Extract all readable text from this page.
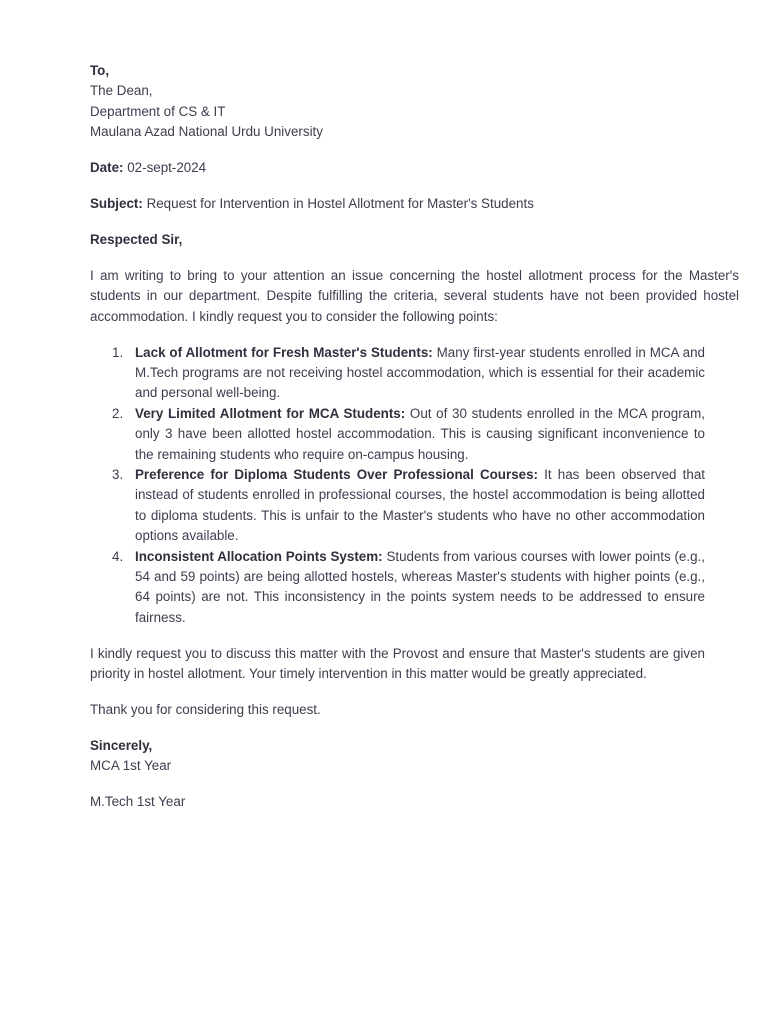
To,

The Dean,

Department of CS & IT

Maulana Azad National Urdu University

Date: 02-sept-2024

Subject: Request for Intervention in Hostel Allotment for Master's Students

Respected Sir,

I am writing to bring to your attention an issue concerning the hostel allotment process for the Master's students in our department. Despite fulfilling the criteria, several students have not been provided hostel accommodation. I kindly request you to consider the following points:

1. Lack of Allotment for Fresh Master's Students: Many first-year students enrolled in MCA and M.Tech programs are not receiving hostel accommodation, which is essential for their academic and personal well-being.
2. Very Limited Allotment for MCA Students: Out of 30 students enrolled in the MCA program, only 3 have been allotted hostel accommodation. This is causing significant inconvenience to the remaining students who require on-campus housing.
3. Preference for Diploma Students Over Professional Courses: It has been observed that instead of students enrolled in professional courses, the hostel accommodation is being allotted to diploma students. This is unfair to the Master's students who have no other accommodation options available.
4. Inconsistent Allocation Points System: Students from various courses with lower points (e.g., 54 and 59 points) are being allotted hostels, whereas Master's students with higher points (e.g., 64 points) are not. This inconsistency in the points system needs to be addressed to ensure fairness.

I kindly request you to discuss this matter with the Provost and ensure that Master's students are given priority in hostel allotment. Your timely intervention in this matter would be greatly appreciated.

Thank you for considering this request.

Sincerely,

MCA 1st Year

M.Tech 1st Year
